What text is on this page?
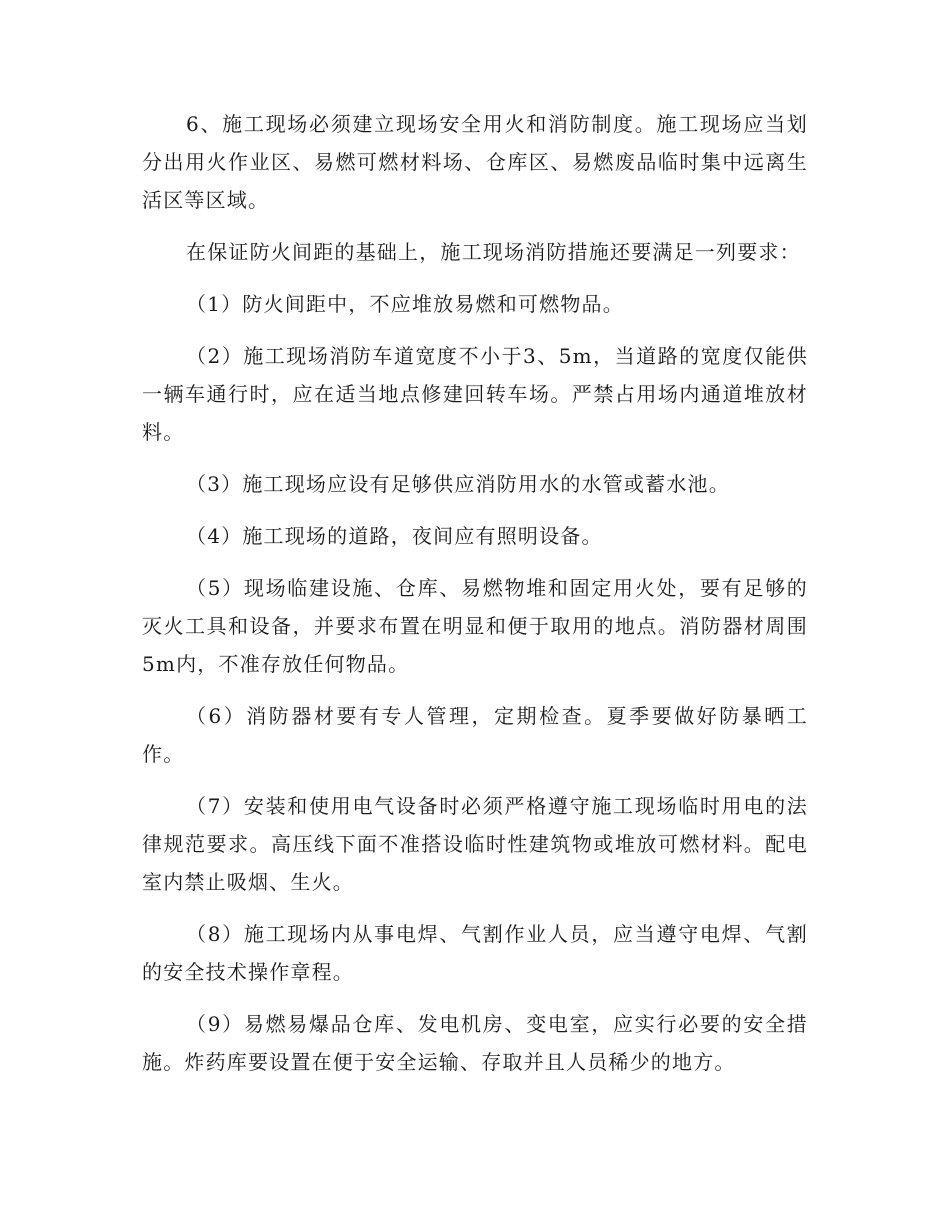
6、施工现场必须建立现场安全用火和消防制度。施工现场应当划分出用火作业区、易燃可燃材料场、仓库区、易燃废品临时集中远离生活区等区域。

在保证防火间距的基础上，施工现场消防措施还要满足一列要求：

（1）防火间距中，不应堆放易燃和可燃物品。

（2）施工现场消防车道宽度不小于3、5m，当道路的宽度仅能供一辆车通行时，应在适当地点修建回转车场。严禁占用场内通道堆放材料。

（3）施工现场应设有足够供应消防用水的水管或蓄水池。

（4）施工现场的道路，夜间应有照明设备。

（5）现场临建设施、仓库、易燃物堆和固定用火处，要有足够的灭火工具和设备，并要求布置在明显和便于取用的地点。消防器材周围5m内，不准存放任何物品。

（6）消防器材要有专人管理，定期检查。夏季要做好防暴晒工作。

（7）安装和使用电气设备时必须严格遵守施工现场临时用电的法律规范要求。高压线下面不准搭设临时性建筑物或堆放可燃材料。配电室内禁止吸烟、生火。

（8）施工现场内从事电焊、气割作业人员，应当遵守电焊、气割的安全技术操作章程。

（9）易燃易爆品仓库、发电机房、变电室，应实行必要的安全措施。炸药库要设置在便于安全运输、存取并且人员稀少的地方。
